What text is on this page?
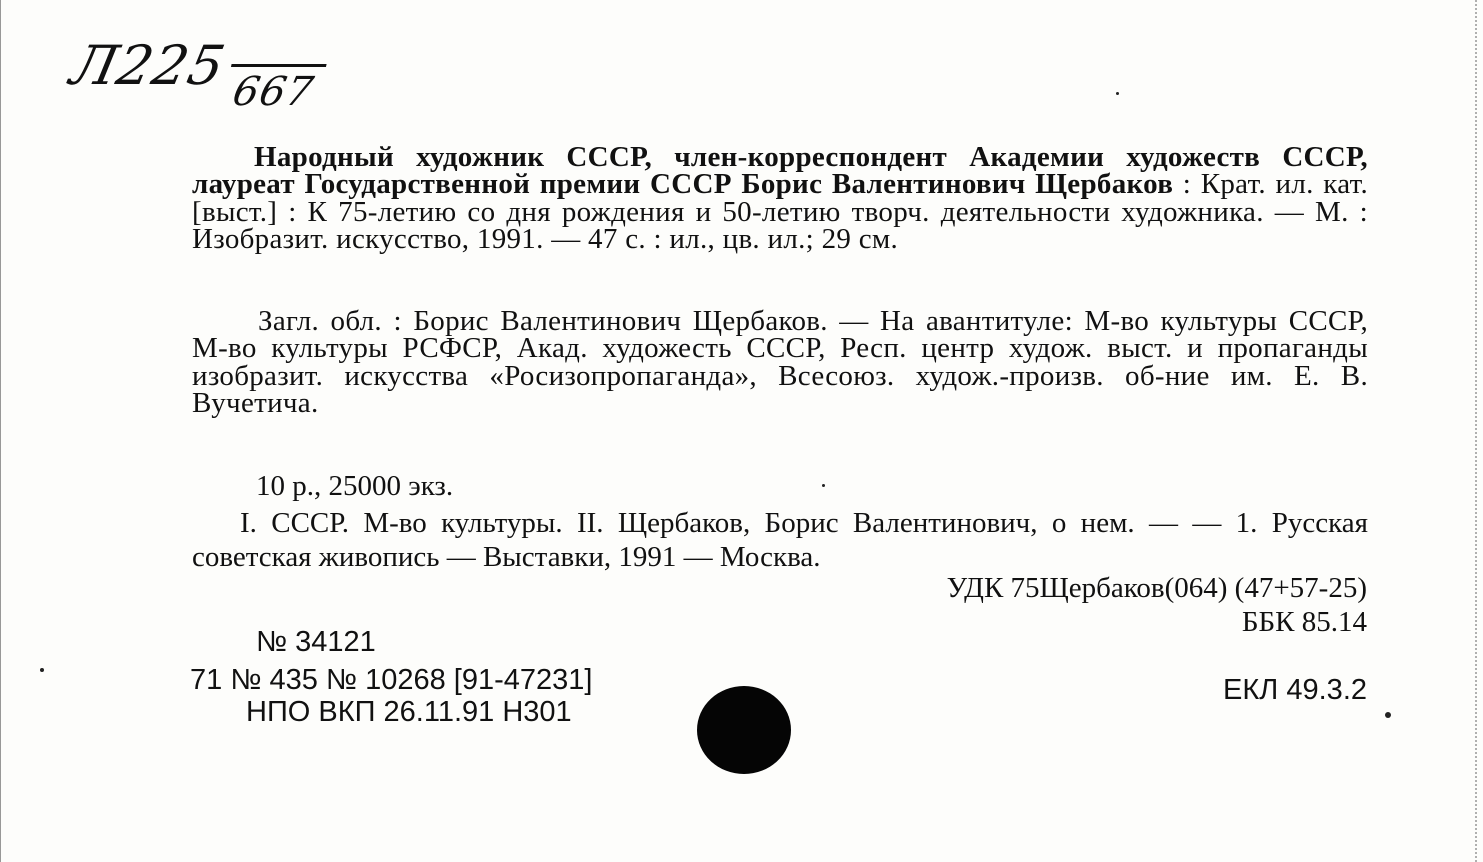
Л225667
Народный художник СССР, член-корреспондент Академии художеств СССР, лауреат Государственной премии СССР Борис Валентинович Щербаков : Крат. ил. кат. [выст.] : К 75-летию со дня рождения и 50-летию творч. деятельности художника. — М. : Изобразит. искусство, 1991. — 47 с. : ил., цв. ил.; 29 см.
Загл. обл. : Борис Валентинович Щербаков. — На авантитуле: М-во культуры СССР, М-во культуры РСФСР, Акад. художесть СССР, Респ. центр худож. выст. и пропаганды изобразит. искусства «Росизопропаганда», Всесоюз. худож.-произв. об-ние им. Е. В. Вучетича.
10 р., 25000 экз.
I. СССР. М-во культуры. II. Щербаков, Борис Валентинович, о нем. — — 1. Русская советская живопись — Выставки, 1991 — Москва.
УДК 75Щербаков(064) (47+57-25)
ББК 85.14
№ 34121
71 № 435 № 10268 [91-47231]
НПО ВКП 26.11.91 Н301
ЕКЛ 49.3.2
